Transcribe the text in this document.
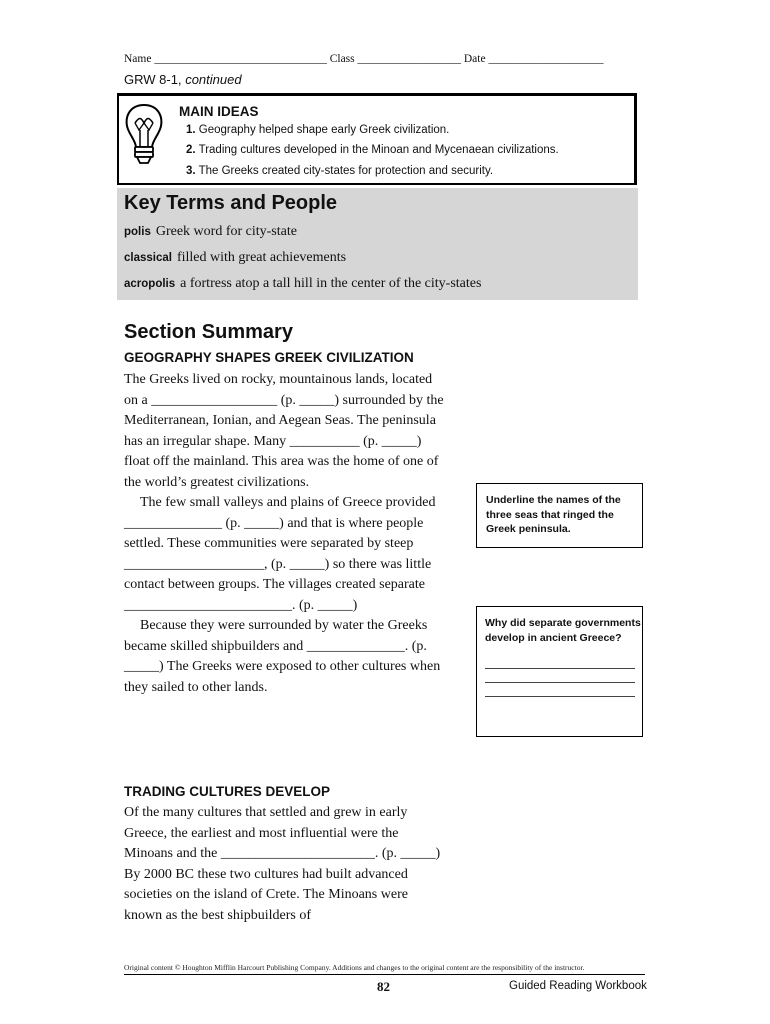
Name ______________________________ Class __________________ Date ____________________
GRW 8-1, continued
MAIN IDEAS
1. Geography helped shape early Greek civilization.
2. Trading cultures developed in the Minoan and Mycenaean civilizations.
3. The Greeks created city-states for protection and security.
Key Terms and People
polis Greek word for city-state
classical filled with great achievements
acropolis a fortress atop a tall hill in the center of the city-states
Section Summary
GEOGRAPHY SHAPES GREEK CIVILIZATION

The Greeks lived on rocky, mountainous lands, located on a __________________ (p. _____) surrounded by the Mediterranean, Ionian, and Aegean Seas. The peninsula has an irregular shape. Many __________ (p. _____) float off the mainland. This area was the home of one of the world’s greatest civilizations.

The few small valleys and plains of Greece provided ______________ (p. _____) and that is where people settled. These communities were separated by steep ____________________, (p. _____) so there was little contact between groups. The villages created separate ________________________. (p. _____)

Because they were surrounded by water the Greeks became skilled shipbuilders and ______________. (p. _____) The Greeks were exposed to other cultures when they sailed to other lands.

TRADING CULTURES DEVELOP

Of the many cultures that settled and grew in early Greece, the earliest and most influential were the Minoans and the ______________________. (p. _____) By 2000 BC these two cultures had built advanced societies on the island of Crete. The Minoans were known as the best shipbuilders of

Underline the names of the three seas that ringed the Greek peninsula.
Why did separate governments develop in ancient Greece?
Original content © Houghton Mifflin Harcourt Publishing Company. Additions and changes to the original content are the responsibility of the instructor.
82	Guided Reading Workbook
